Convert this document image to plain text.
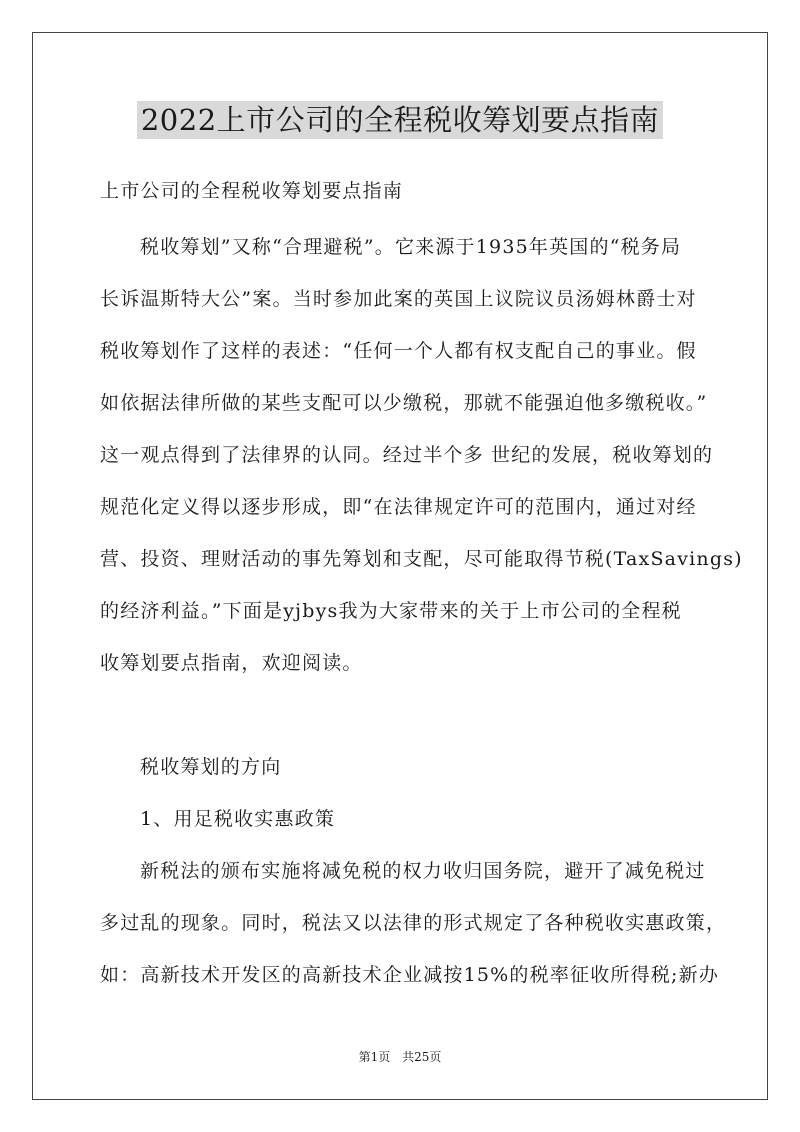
2022上市公司的全程税收筹划要点指南
上市公司的全程税收筹划要点指南
税收筹划”又称“合理避税”。它来源于1935年英国的“税务局
长诉温斯特大公”案。当时参加此案的英国上议院议员汤姆林爵士对
税收筹划作了这样的表述：“任何一个人都有权支配自己的事业。假
如依据法律所做的某些支配可以少缴税，那就不能强迫他多缴税收。”
这一观点得到了法律界的认同。经过半个多 世纪的发展，税收筹划的
规范化定义得以逐步形成，即“在法律规定许可的范围内，通过对经
营、投资、理财活动的事先筹划和支配，尽可能取得节税(TaxSavings)
的经济利益。”下面是yjbys我为大家带来的关于上市公司的全程税
收筹划要点指南，欢迎阅读。
税收筹划的方向
1、用足税收实惠政策
新税法的颁布实施将减免税的权力收归国务院，避开了减免税过
多过乱的现象。同时，税法又以法律的形式规定了各种税收实惠政策，
如：高新技术开发区的高新技术企业减按15%的税率征收所得税;新办
第1页 共25页
